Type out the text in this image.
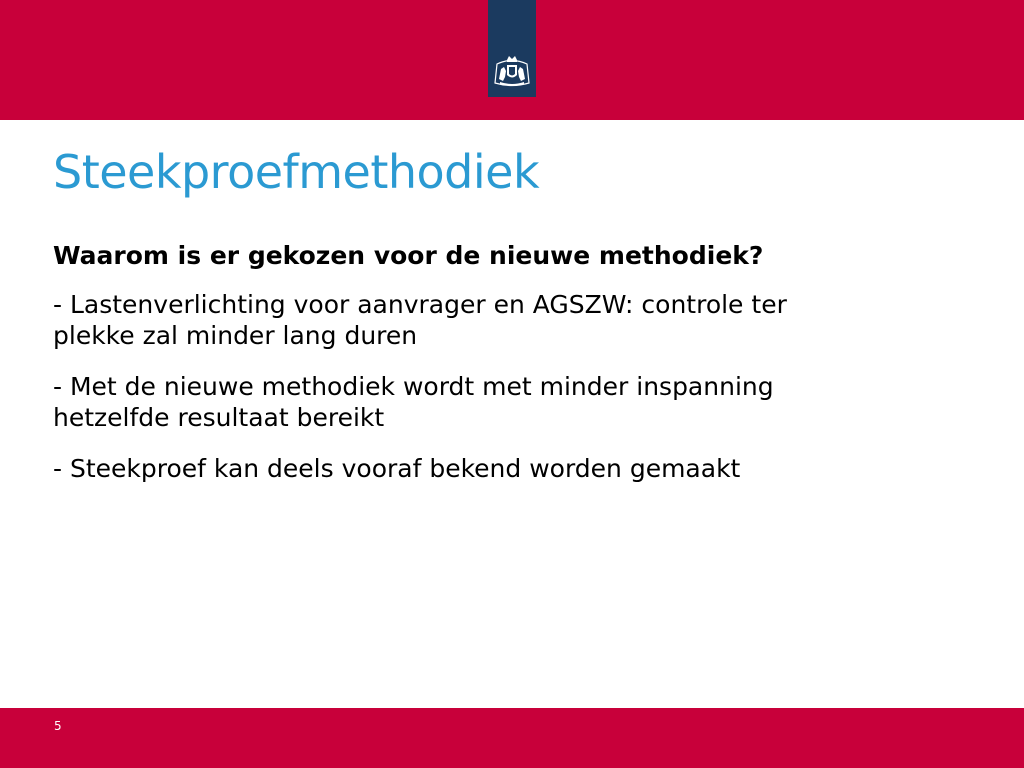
Steekproefmethodiek

Waarom is er gekozen voor de nieuwe methodiek?

- Lastenverlichting voor aanvrager en AGSZW: controle ter plekke zal minder lang duren

- Met de nieuwe methodiek wordt met minder inspanning hetzelfde resultaat bereikt

- Steekproef kan deels vooraf bekend worden gemaakt

5
